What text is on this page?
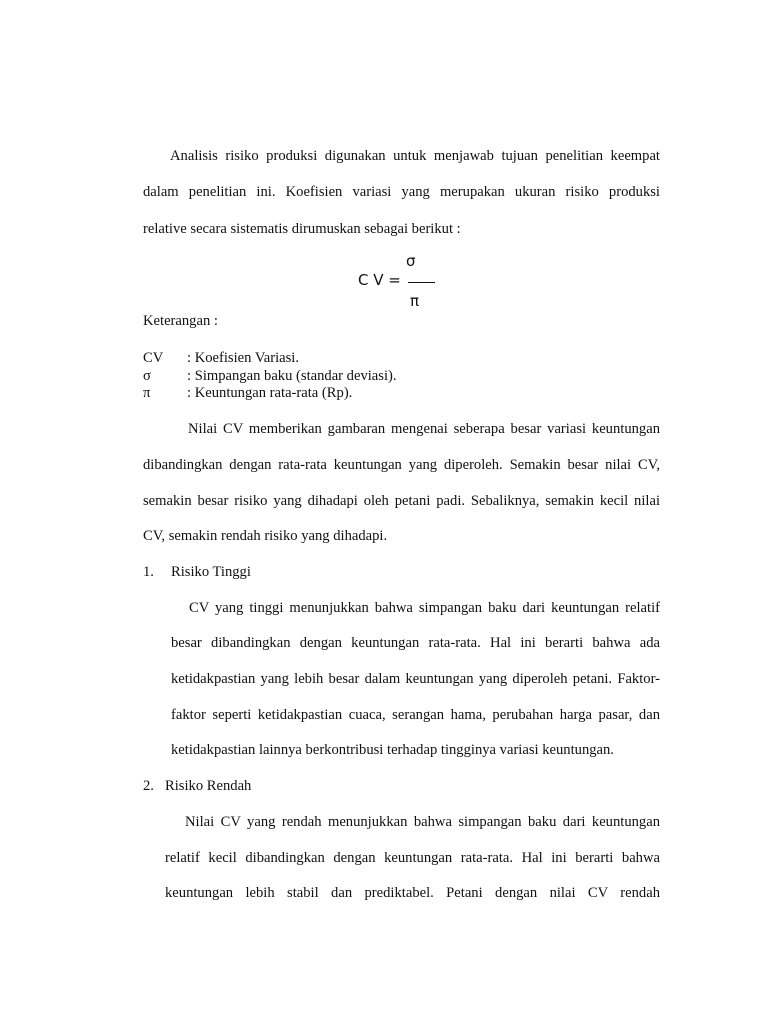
Analisis risiko produksi digunakan untuk menjawab tujuan penelitian keempat
dalam penelitian ini. Koefisien variasi yang merupakan ukuran risiko produksi
relative secara sistematis dirumuskan sebagai berikut :
C V =
σ
π
Keterangan :
CV : Koefisien Variasi.
σ : Simpangan baku (standar deviasi).
π	: Keuntungan rata-rata (Rp).
Nilai CV memberikan gambaran mengenai seberapa besar variasi keuntungan
dibandingkan dengan rata-rata keuntungan yang diperoleh. Semakin besar nilai CV,
semakin besar risiko yang dihadapi oleh petani padi. Sebaliknya, semakin kecil nilai
CV, semakin rendah risiko yang dihadapi.
1. Risiko Tinggi
CV yang tinggi menunjukkan bahwa simpangan baku dari keuntungan relatif
besar dibandingkan dengan keuntungan rata-rata. Hal ini berarti bahwa ada
ketidakpastian yang lebih besar dalam keuntungan yang diperoleh petani. Faktor-
faktor seperti ketidakpastian cuaca, serangan hama, perubahan harga pasar, dan
ketidakpastian lainnya berkontribusi terhadap tingginya variasi keuntungan.
2. Risiko Rendah
Nilai CV yang rendah menunjukkan bahwa simpangan baku dari keuntungan
relatif kecil dibandingkan dengan keuntungan rata-rata. Hal ini berarti bahwa
keuntungan lebih stabil dan prediktabel. Petani dengan nilai CV rendah
